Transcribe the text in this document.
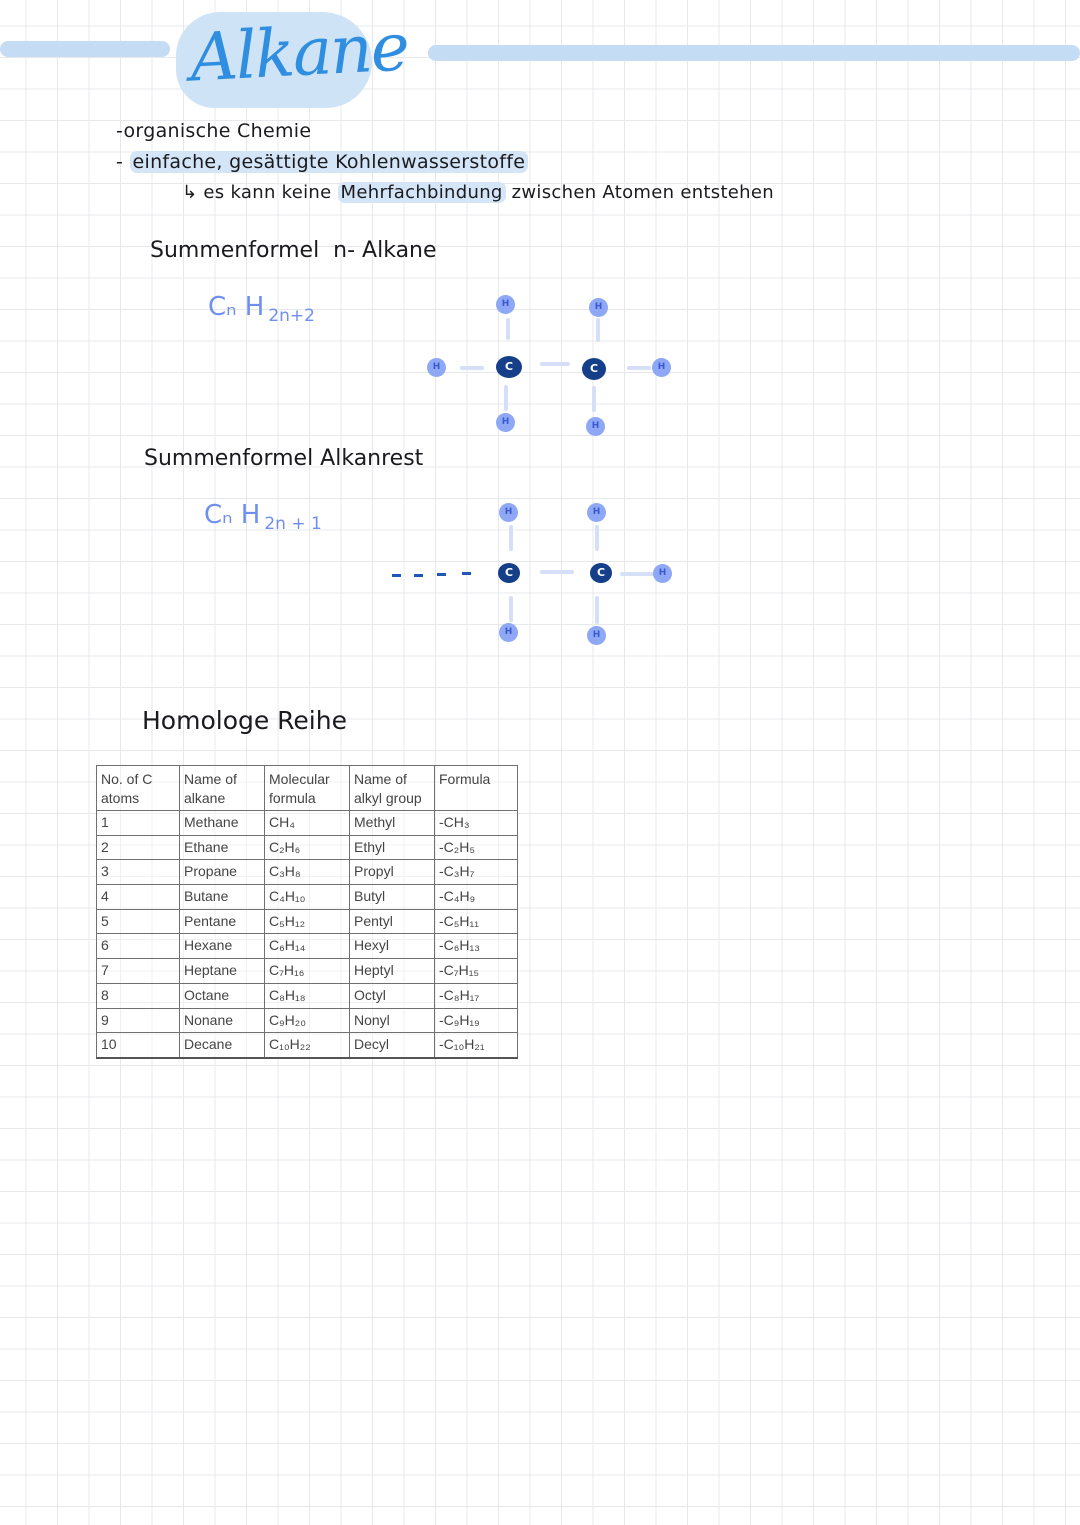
Alkane
-organische Chemie
- einfache, gesättigte Kohlenwasserstoffe
↳ es kann keine Mehrfachbindung zwischen Atomen entstehen
Summenformel  n- Alkane
Cₙ H $_{2n+2}$
H	H
H	C	C	H
H	H
Summenformel Alkanrest
Cₙ H $_{2n + 1}$
H	H
C	C	H
H	H
Homologe Reihe
No. of C atoms	Name of alkane	Molecular formula	Name of alkyl group	Formula
1	Methane	CH₄	Methyl	-CH₃
2	Ethane	C₂H₆	Ethyl	-C₂H₅
3	Propane	C₃H₈	Propyl	-C₃H₇
4	Butane	C₄H₁₀	Butyl	-C₄H₉
5	Pentane	C₅H₁₂	Pentyl	-C₅H₁₁
6	Hexane	C₆H₁₄	Hexyl	-C₆H₁₃
7	Heptane	C₇H₁₆	Heptyl	-C₇H₁₅
8	Octane	C₈H₁₈	Octyl	-C₈H₁₇
9	Nonane	C₉H₂₀	Nonyl	-C₉H₁₉
10	Decane	C₁₀H₂₂	Decyl	-C₁₀H₂₁
